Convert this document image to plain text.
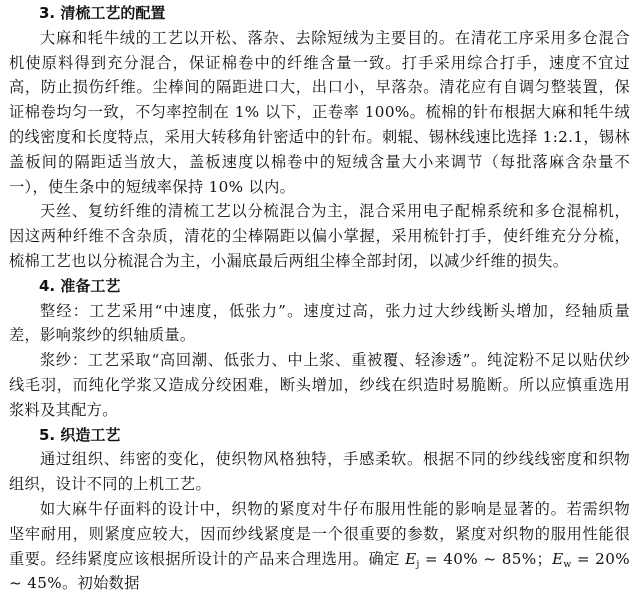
3. 清梳工艺的配置

大麻和牦牛绒的工艺以开松、落杂、去除短绒为主要目的。在清花工序采用多仓混合机使原料得到充分混合，保证棉卷中的纤维含量一致。打手采用综合打手，速度不宜过高，防止损伤纤维。尘棒间的隔距进口大，出口小，早落杂。清花应有自调匀整装置，保证棉卷均匀一致，不匀率控制在 1% 以下，正卷率 100%。梳棉的针布根据大麻和牦牛绒的线密度和长度特点，采用大转移角针密适中的针布。刺辊、锡林线速比选择 1:2.1，锡林盖板间的隔距适当放大，盖板速度以棉卷中的短绒含量大小来调节（每批落麻含杂量不一），使生条中的短绒率保持 10% 以内。

天丝、复纺纤维的清梳工艺以分梳混合为主，混合采用电子配棉系统和多仓混棉机，因这两种纤维不含杂质，清花的尘棒隔距以偏小掌握，采用梳针打手，使纤维充分分梳，梳棉工艺也以分梳混合为主，小漏底最后两组尘棒全部封闭，以减少纤维的损失。

4. 准备工艺

整经：工艺采用“中速度，低张力”。速度过高，张力过大纱线断头增加，经轴质量差，影响浆纱的织轴质量。

浆纱：工艺采取“高回潮、低张力、中上浆、重被覆、轻渗透”。纯淀粉不足以贴伏纱线毛羽，而纯化学浆又造成分绞困难，断头增加，纱线在织造时易脆断。所以应慎重选用浆料及其配方。

5. 织造工艺

通过组织、纬密的变化，使织物风格独特，手感柔软。根据不同的纱线线密度和织物组织，设计不同的上机工艺。

如大麻牛仔面料的设计中，织物的紧度对牛仔布服用性能的影响是显著的。若需织物坚牢耐用，则紧度应较大，因而纱线紧度是一个很重要的参数，紧度对织物的服用性能很重要。经纬紧度应该根据所设计的产品来合理选用。确定 $E_j = 40\%$ ~ 85%；$E_w = 20\%$ ~ 45%。初始数据
